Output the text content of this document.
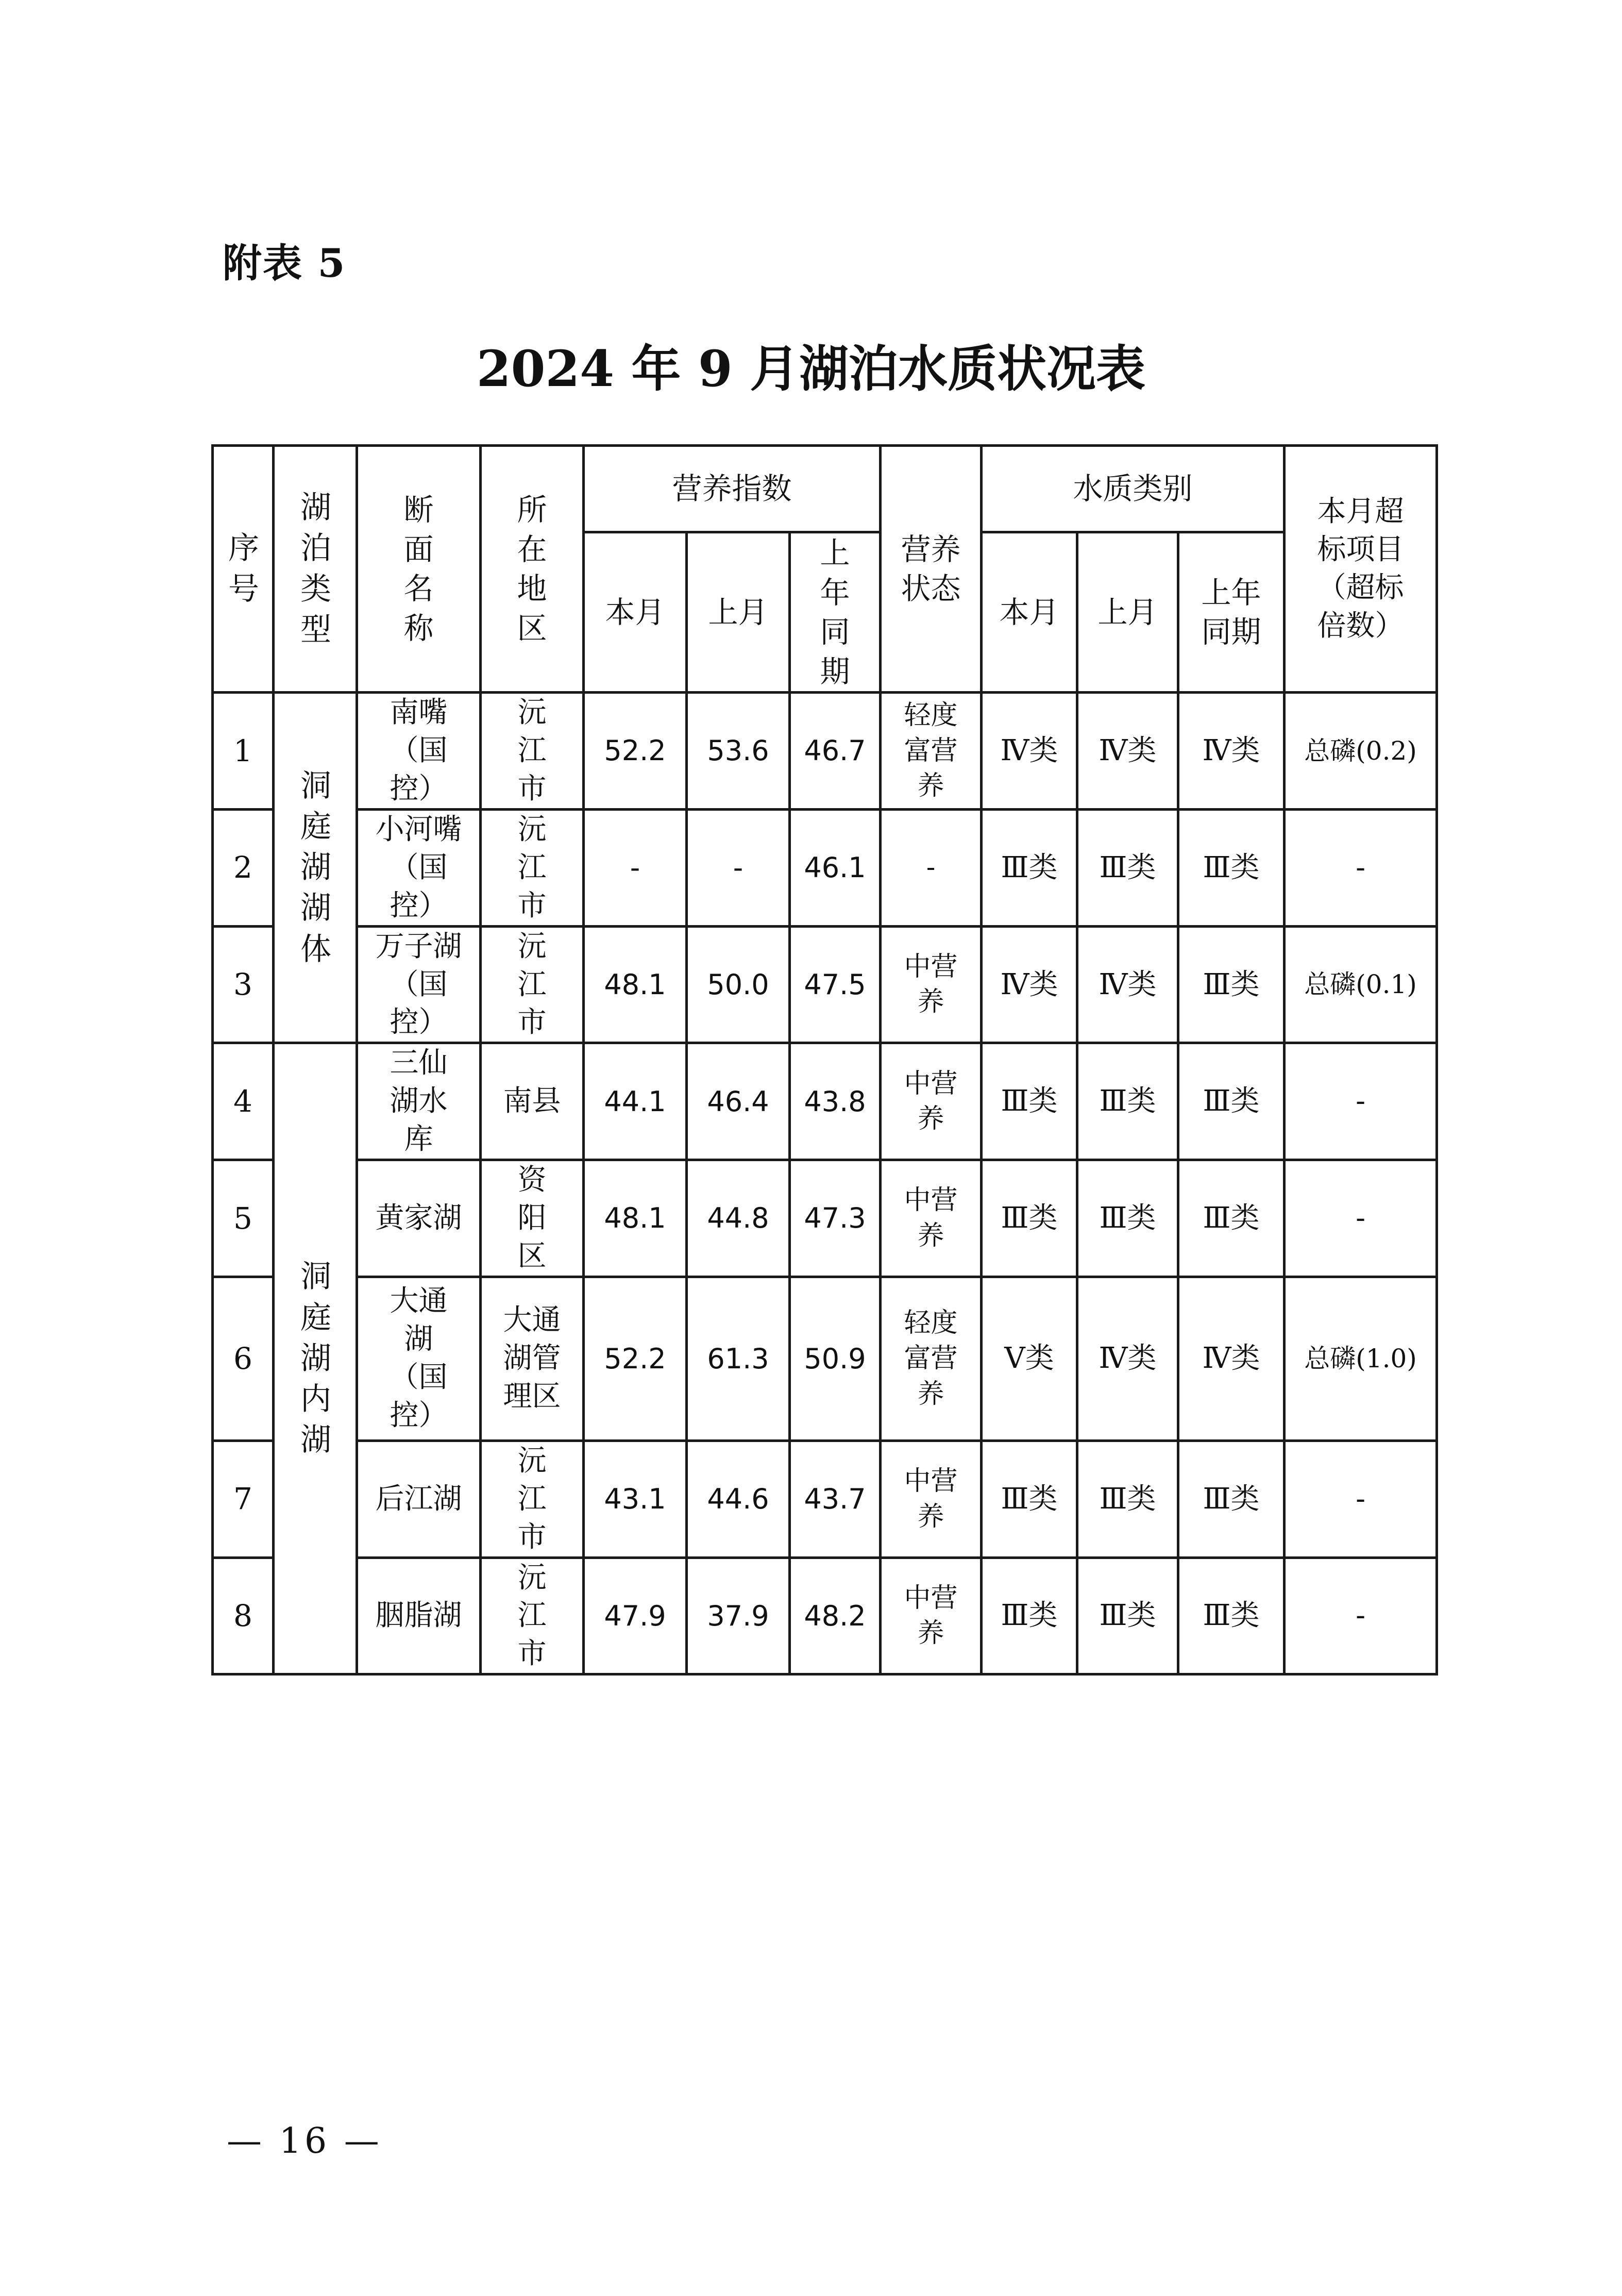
附表 5
2024 年 9 月湖泊水质状况表
序号	湖泊类型	断面名称	所在地区	营养指数			营养状态	水质类别			本月超标项目（超标倍数）
				本月	上月	上年同期		本月	上月	上年同期	
1	洞庭湖湖体	南嘴（国控）	沅江市	52.2	53.6	46.7	轻度富营养	Ⅳ类	Ⅳ类	Ⅳ类	总磷(0.2)
2		小河嘴（国控）	沅江市	-	-	46.1	-	Ⅲ类	Ⅲ类	Ⅲ类	-
3		万子湖（国控）	沅江市	48.1	50.0	47.5	中营养	Ⅳ类	Ⅳ类	Ⅲ类	总磷(0.1)
4	洞庭湖内湖	三仙湖水库	南县	44.1	46.4	43.8	中营养	Ⅲ类	Ⅲ类	Ⅲ类	-
5		黄家湖	资阳区	48.1	44.8	47.3	中营养	Ⅲ类	Ⅲ类	Ⅲ类	-
6		大通湖（国控）	大通湖管理区	52.2	61.3	50.9	轻度富营养	Ⅴ类	Ⅳ类	Ⅳ类	总磷(1.0)
7		后江湖	沅江市	43.1	44.6	43.7	中营养	Ⅲ类	Ⅲ类	Ⅲ类	-
8		胭脂湖	沅江市	47.9	37.9	48.2	中营养	Ⅲ类	Ⅲ类	Ⅲ类	-
— 16 —
